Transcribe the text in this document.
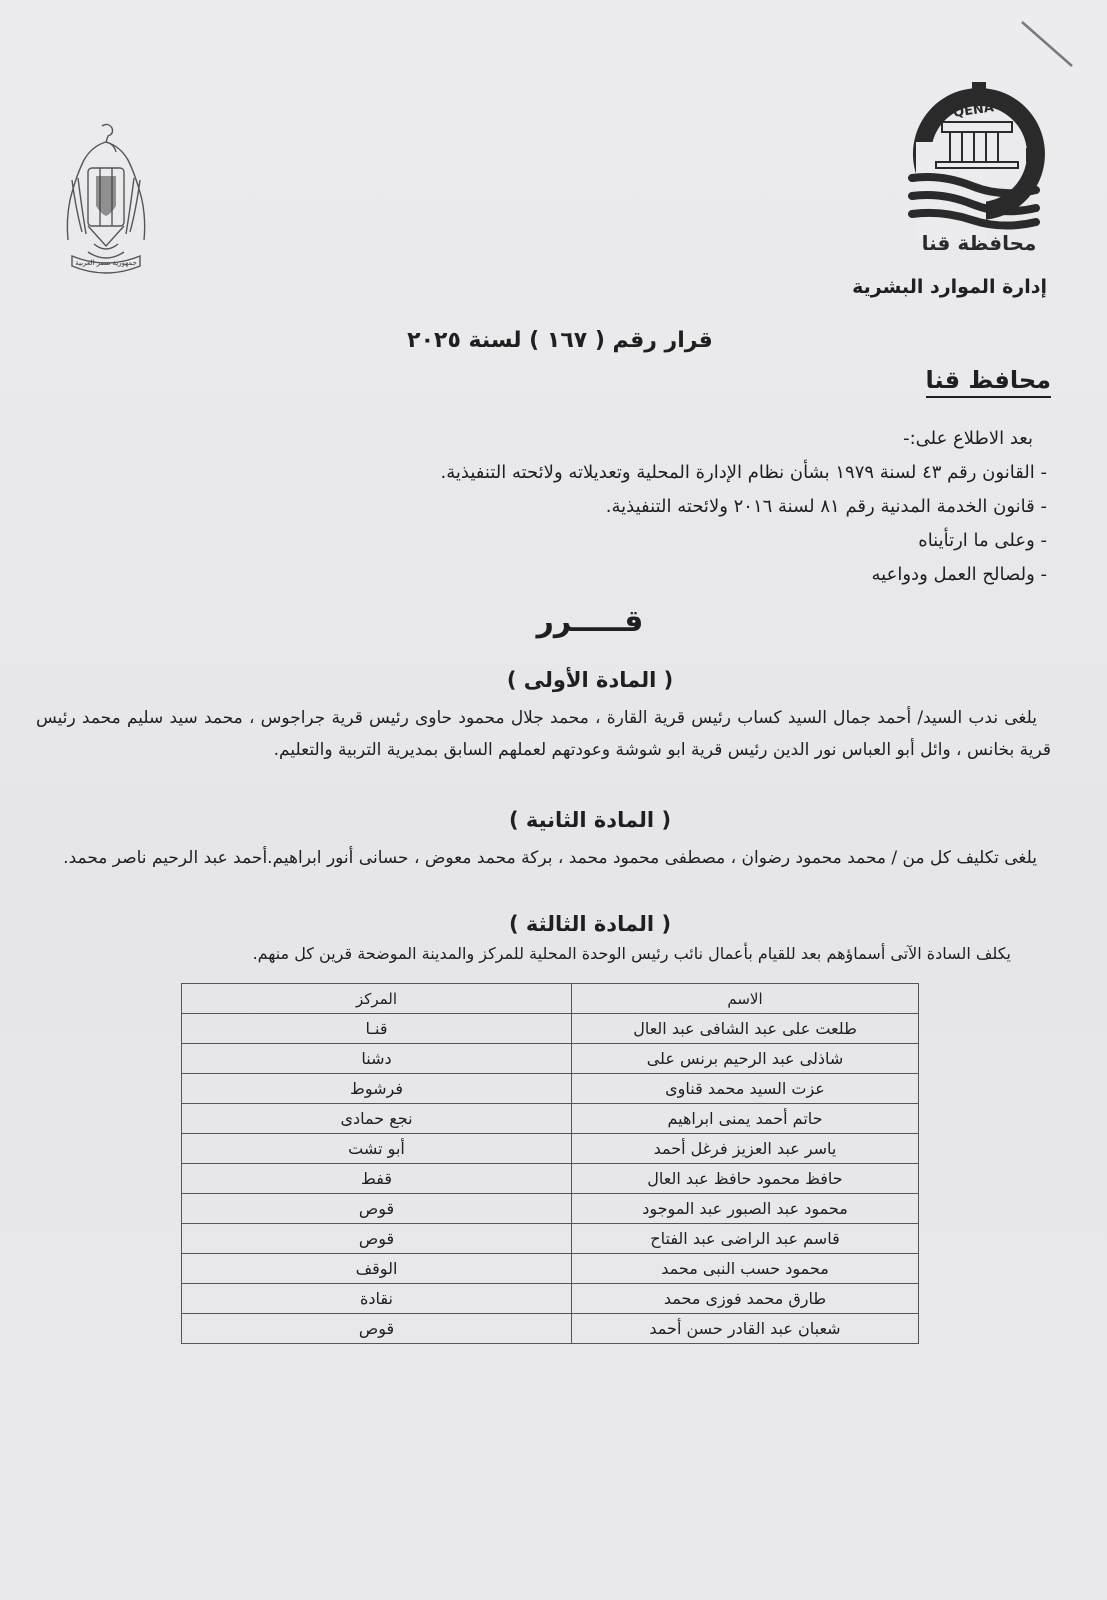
جمهورية مصر العربية
QENA
محافظة قنا
إدارة الموارد البشرية
قرار رقم ( ١٦٧ ) لسنة ٢٠٢٥
محافظ قنا
بعد الاطلاع على:-
- القانون رقم ٤٣ لسنة ١٩٧٩ بشأن نظام الإدارة المحلية وتعديلاته ولائحته التنفيذية.
- قانون الخدمة المدنية رقم ٨١ لسنة ٢٠١٦ ولائحته التنفيذية.
- وعلى ما ارتأيناه
- ولصالح العمل ودواعيه
قـــــرر
( المادة الأولى )
يلغى ندب السيد/ أحمد جمال السيد كساب رئيس قرية القارة ، محمد جلال محمود حاوى رئيس قرية جراجوس ، محمد سيد سليم محمد رئيس قرية بخانس ، وائل أبو العباس نور الدين رئيس قرية ابو شوشة وعودتهم لعملهم السابق بمديرية التربية والتعليم.
( المادة الثانية )
يلغى تكليف كل من / محمد محمود رضوان ، مصطفى محمود محمد ، بركة محمد معوض ، حسانى أنور ابراهيم.أحمد عبد الرحيم ناصر محمد.
( المادة الثالثة )
يكلف السادة الآتى أسماؤهم بعد للقيام بأعمال نائب رئيس الوحدة المحلية للمركز والمدينة الموضحة قرين كل منهم.
الاسم	المركز
طلعت على عبد الشافى عبد العال	قنـا
شاذلى عبد الرحيم برنس على	دشنا
عزت السيد محمد قناوى	فرشوط
حاتم أحمد يمنى ابراهيم	نجع حمادى
ياسر عبد العزيز فرغل أحمد	أبو تشت
حافظ محمود حافظ عبد العال	قفط
محمود عبد الصبور عبد الموجود	قوص
قاسم عبد الراضى عبد الفتاح	قوص
محمود حسب النبى محمد	الوقف
طارق محمد فوزى محمد	نقادة
شعبان عبد القادر حسن أحمد	قوص
